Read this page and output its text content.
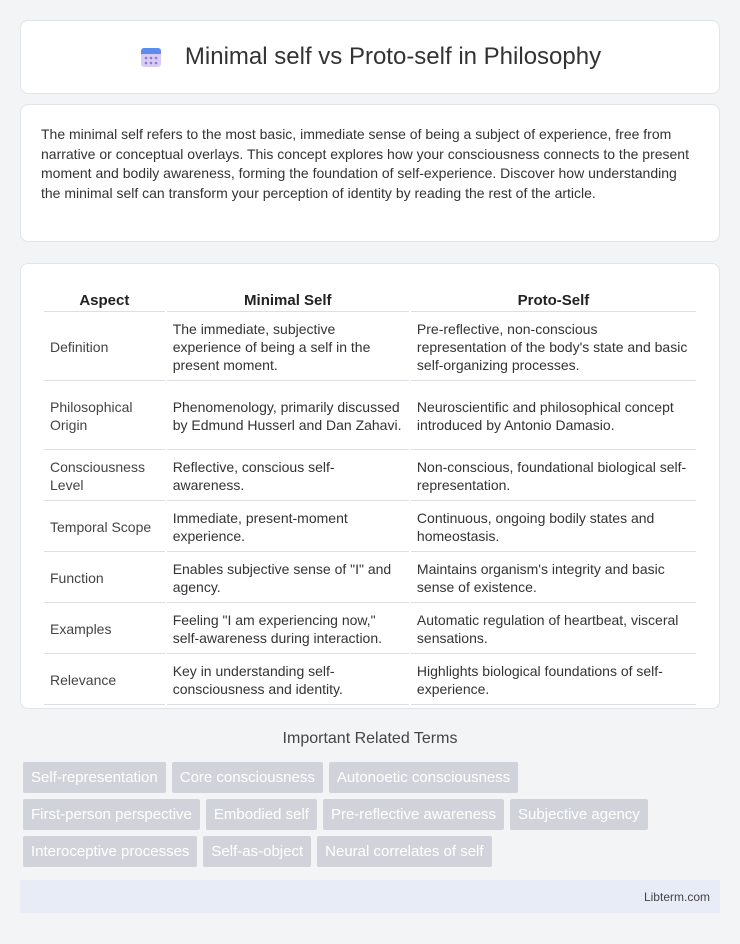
Minimal self vs Proto-self in Philosophy

The minimal self refers to the most basic, immediate sense of being a subject of experience, free from narrative or conceptual overlays. This concept explores how your consciousness connects to the present moment and bodily awareness, forming the foundation of self-experience. Discover how understanding the minimal self can transform your perception of identity by reading the rest of the article.

Aspect	Minimal Self	Proto-Self
Definition	The immediate, subjective experience of being a self in the present moment.	Pre-reflective, non-conscious representation of the body's state and basic self-organizing processes.
Philosophical Origin	Phenomenology, primarily discussed by Edmund Husserl and Dan Zahavi.	Neuroscientific and philosophical concept introduced by Antonio Damasio.
Consciousness Level	Reflective, conscious self-awareness.	Non-conscious, foundational biological self-representation.
Temporal Scope	Immediate, present-moment experience.	Continuous, ongoing bodily states and homeostasis.
Function	Enables subjective sense of "I" and agency.	Maintains organism's integrity and basic sense of existence.
Examples	Feeling "I am experiencing now," self-awareness during interaction.	Automatic regulation of heartbeat, visceral sensations.
Relevance	Key in understanding self-consciousness and identity.	Highlights biological foundations of self-experience.
Important Related Terms
Self-representation	Core consciousness	Autonoetic consciousness
First-person perspective	Embodied self	Pre-reflective awareness	Subjective agency
Interoceptive processes	Self-as-object	Neural correlates of self
Libterm.com
